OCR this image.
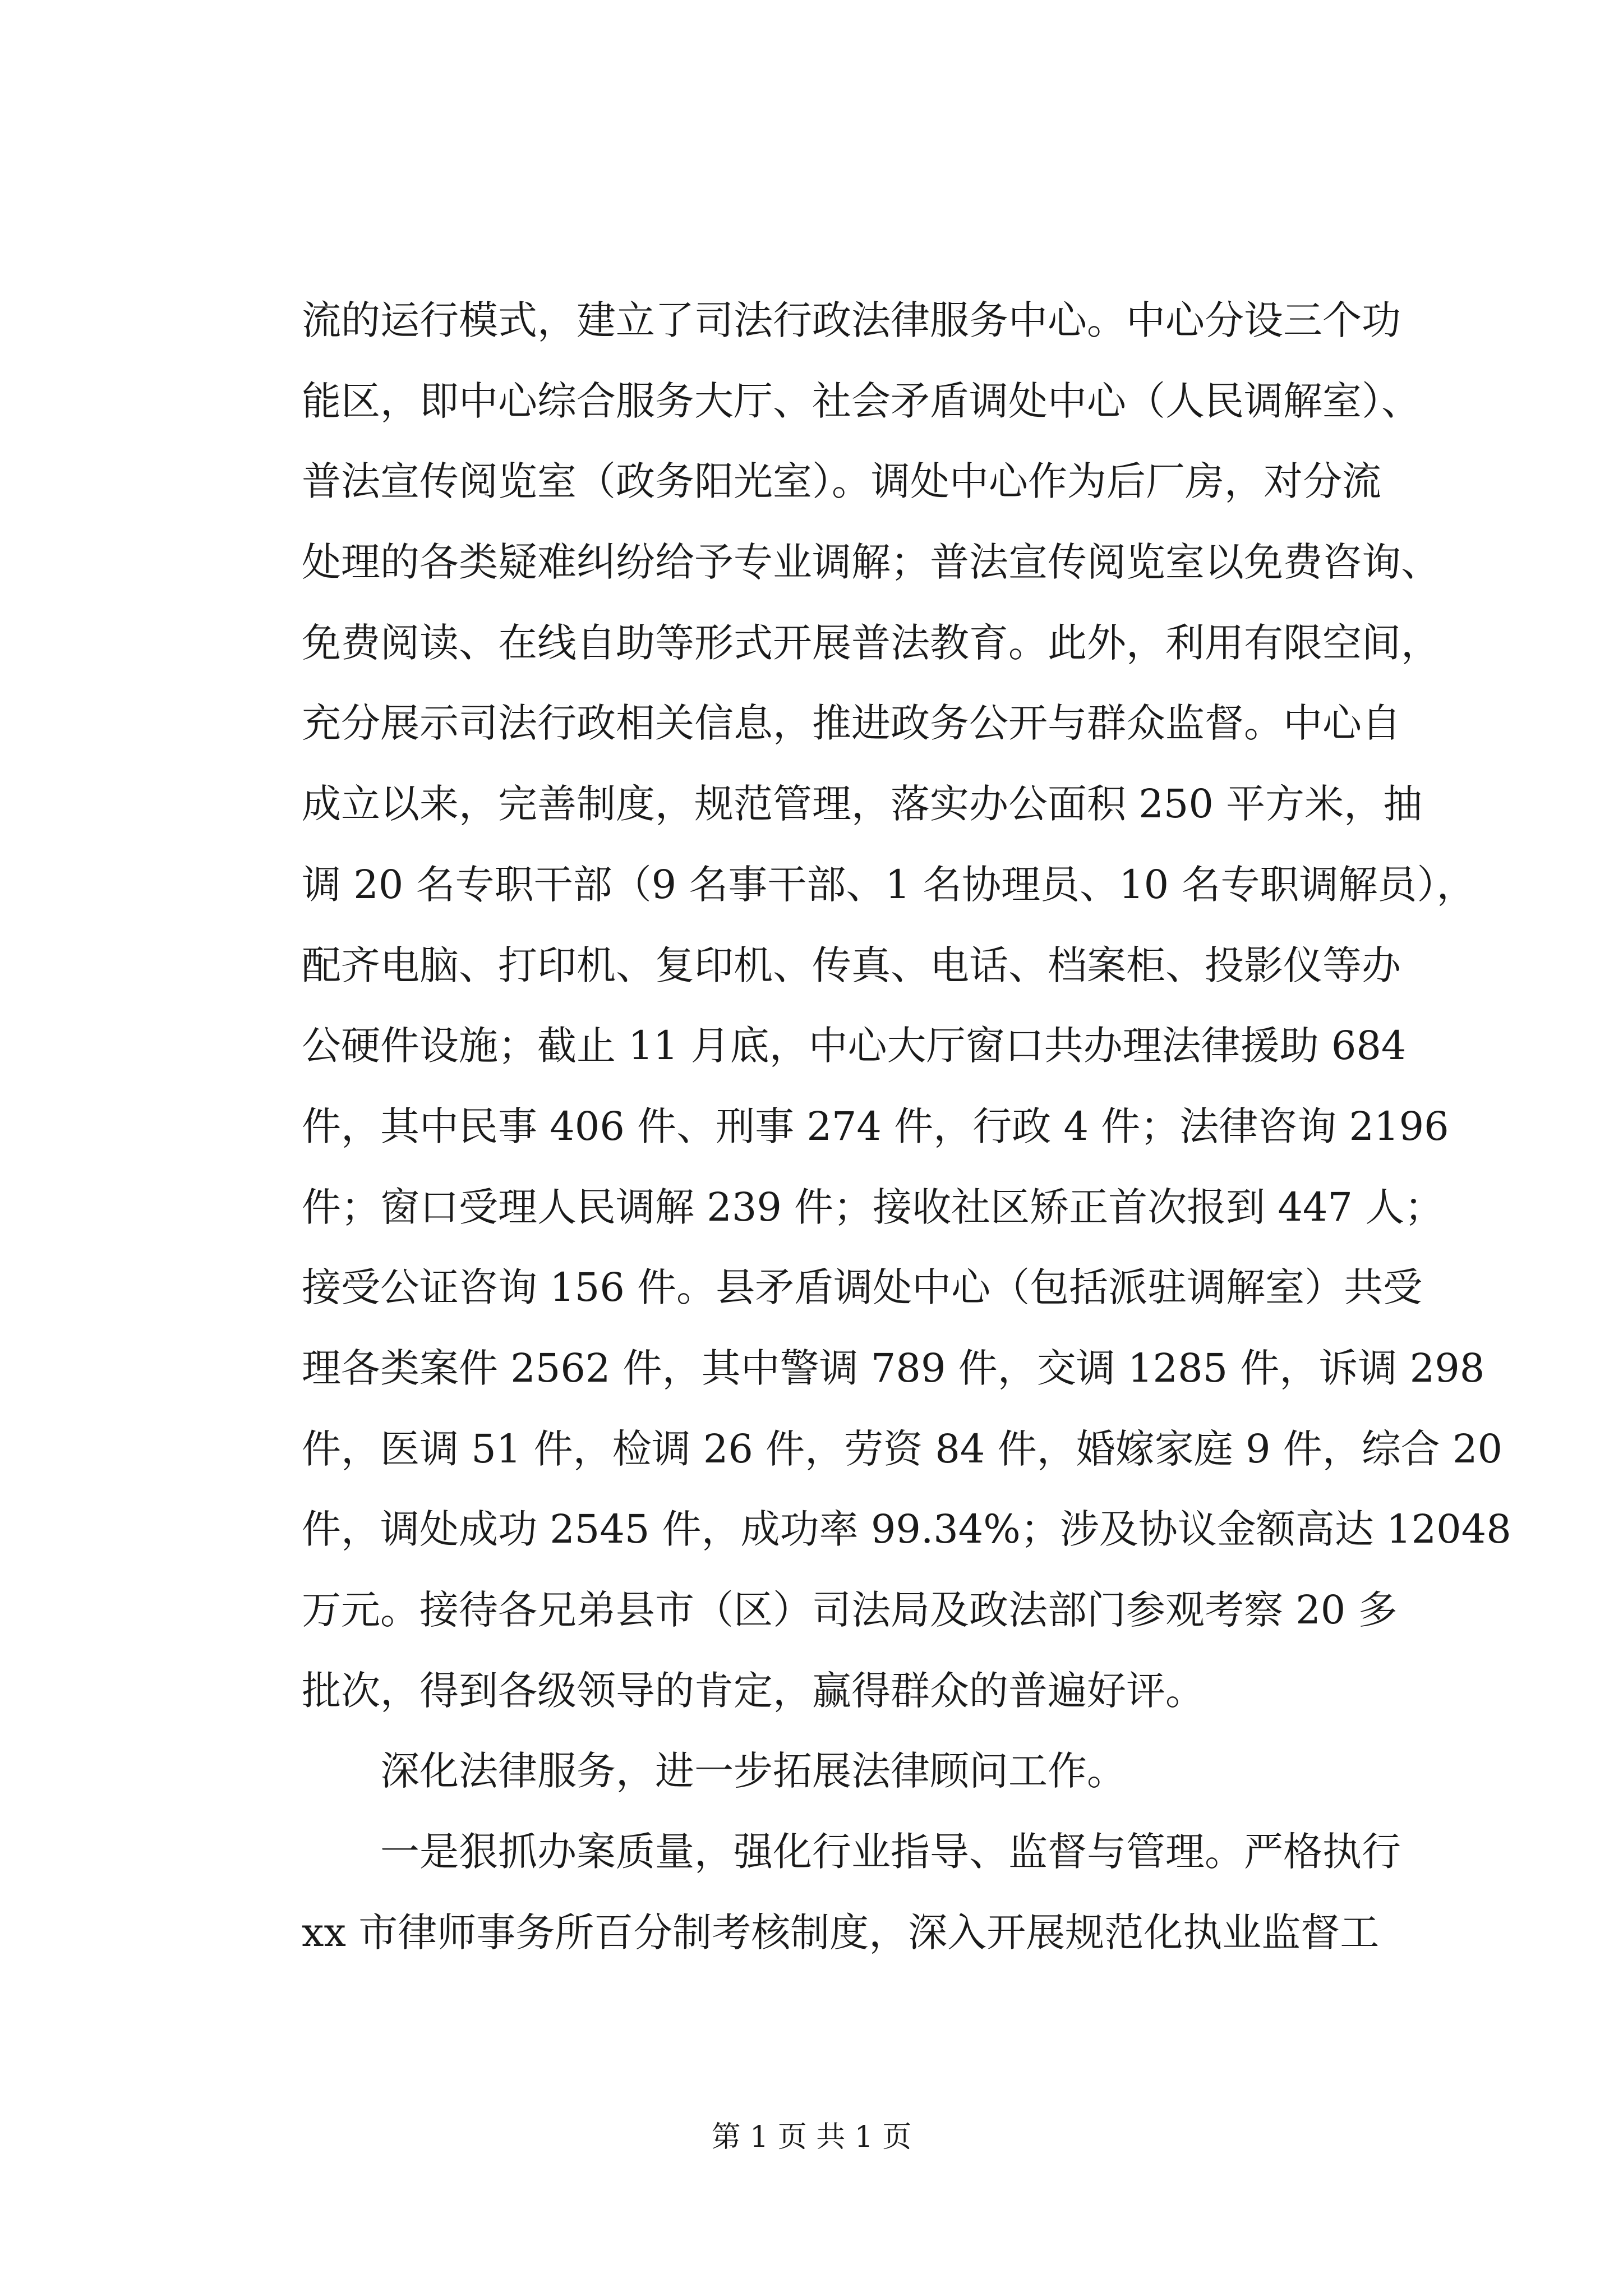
流的运行模式，建立了司法行政法律服务中心。中心分设三个功
能区，即中心综合服务大厅、社会矛盾调处中心（人民调解室）、
普法宣传阅览室（政务阳光室）。调处中心作为后厂房，对分流
处理的各类疑难纠纷给予专业调解；普法宣传阅览室以免费咨询、
免费阅读、在线自助等形式开展普法教育。此外，利用有限空间，
充分展示司法行政相关信息，推进政务公开与群众监督。中心自
成立以来，完善制度，规范管理，落实办公面积 250 平方米，抽
调 20 名专职干部（9 名事干部、1 名协理员、10 名专职调解员），
配齐电脑、打印机、复印机、传真、电话、档案柜、投影仪等办
公硬件设施；截止 11 月底，中心大厅窗口共办理法律援助 684
件，其中民事 406 件、刑事 274 件，行政 4 件；法律咨询 2196
件；窗口受理人民调解 239 件；接收社区矫正首次报到 447 人；
接受公证咨询 156 件。县矛盾调处中心（包括派驻调解室）共受
理各类案件 2562 件，其中警调 789 件，交调 1285 件，诉调 298
件，医调 51 件，检调 26 件，劳资 84 件，婚嫁家庭 9 件，综合 20
件，调处成功 2545 件，成功率 99.34%；涉及协议金额高达 12048
万元。接待各兄弟县市（区）司法局及政法部门参观考察 20 多
批次，得到各级领导的肯定，赢得群众的普遍好评。
深化法律服务，进一步拓展法律顾问工作。
一是狠抓办案质量，强化行业指导、监督与管理。严格执行
xx 市律师事务所百分制考核制度，深入开展规范化执业监督工
第 1 页 共 1 页
